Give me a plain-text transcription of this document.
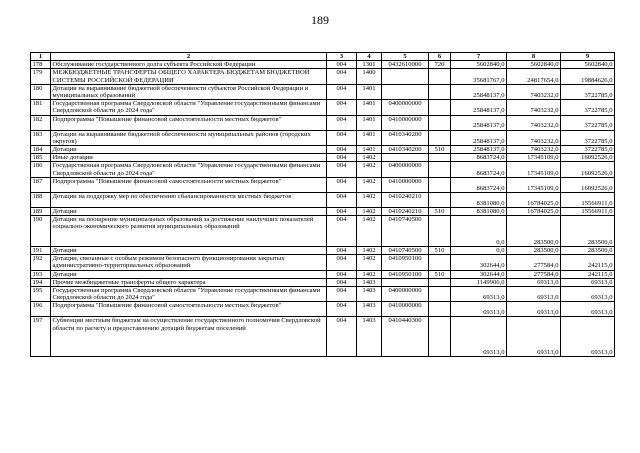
189
1	2	3	4	5	6	7	8	9
178	Обслуживание государственного долга субъекта Российской Федерации	004	1301	0432610000	720	5602840,0	5602840,0	5602840,0
179	МЕЖБЮДЖЕТНЫЕ ТРАНСФЕРТЫ ОБЩЕГО ХАРАКТЕРА БЮДЖЕТАМ БЮДЖЕТНОЙ СИСТЕМЫ РОССИЙСКОЙ ФЕДЕРАЦИИ	004	1400			35681767,0	24817654,0	19884626,0
180	Дотации на выравнивание бюджетной обеспеченности субъектов Российской Федерации и муниципальных образований	004	1401			25848137,0	7403232,0	3722785,0
181	Государственная программа Свердловской области "Управление государственными финансами Свердловской области до 2024 года"	004	1401	0400000000		25848137,0	7403232,0	3722785,0
182	Подпрограмма "Повышение финансовой самостоятельности местных бюджетов"	004	1401	0410000000		25848137,0	7403232,0	3722785,0
183	Дотации на выравнивание бюджетной обеспеченности муниципальных районов (городских округов)	004	1401	0410340200		25848137,0	7403232,0	3722785,0
184	Дотации	004	1401	0410340200	510	25848137,0	7403232,0	3722785,0
185	Иные дотации	004	1402			8683724,0	17345109,0	16092526,0
186	Государственная программа Свердловской области "Управление государственными финансами Свердловской области до 2024 года"	004	1402	0400000000		8683724,0	17345109,0	16092526,0
187	Подпрограмма "Повышение финансовой самостоятельности местных бюджетов"	004	1402	0410000000		8683724,0	17345109,0	16092526,0
188	Дотации на поддержку мер по обеспечению сбалансированности местных бюджетов	004	1402	0410240210		8381080,0	16784025,0	15566911,0
189	Дотации	004	1402	0410240210	510	8381080,0	16784025,0	15566911,0
190	Дотации на поощрение муниципальных образований за достижение наилучших показателей социально-экономического развития муниципальных образований	004	1402	0410740500		0,0	283500,0	283500,0
191	Дотации	004	1402	0410740500	510	0,0	283500,0	283500,0
192	Дотации, связанные с особым режимом безопасного функционирования закрытых административно-территориальных образований	004	1402	0410950100		302644,0	277584,0	242115,0
193	Дотации	004	1402	0410950100	510	302644,0	277584,0	242115,0
194	Прочие межбюджетные трансферты общего характера	004	1403			1149906,0	69313,0	69313,0
195	Государственная программа Свердловской области "Управление государственными финансами Свердловской области до 2024 года"	004	1403	0400000000		69313,0	69313,0	69313,0
196	Подпрограмма "Повышение финансовой самостоятельности местных бюджетов"	004	1403	0410000000		69313,0	69313,0	69313,0
197	Субвенции местным бюджетам на осуществление государственного полномочия Свердловской области по расчету и предоставлению дотаций бюджетам поселений	004	1403	0410440300		69313,0	69313,0	69313,0
